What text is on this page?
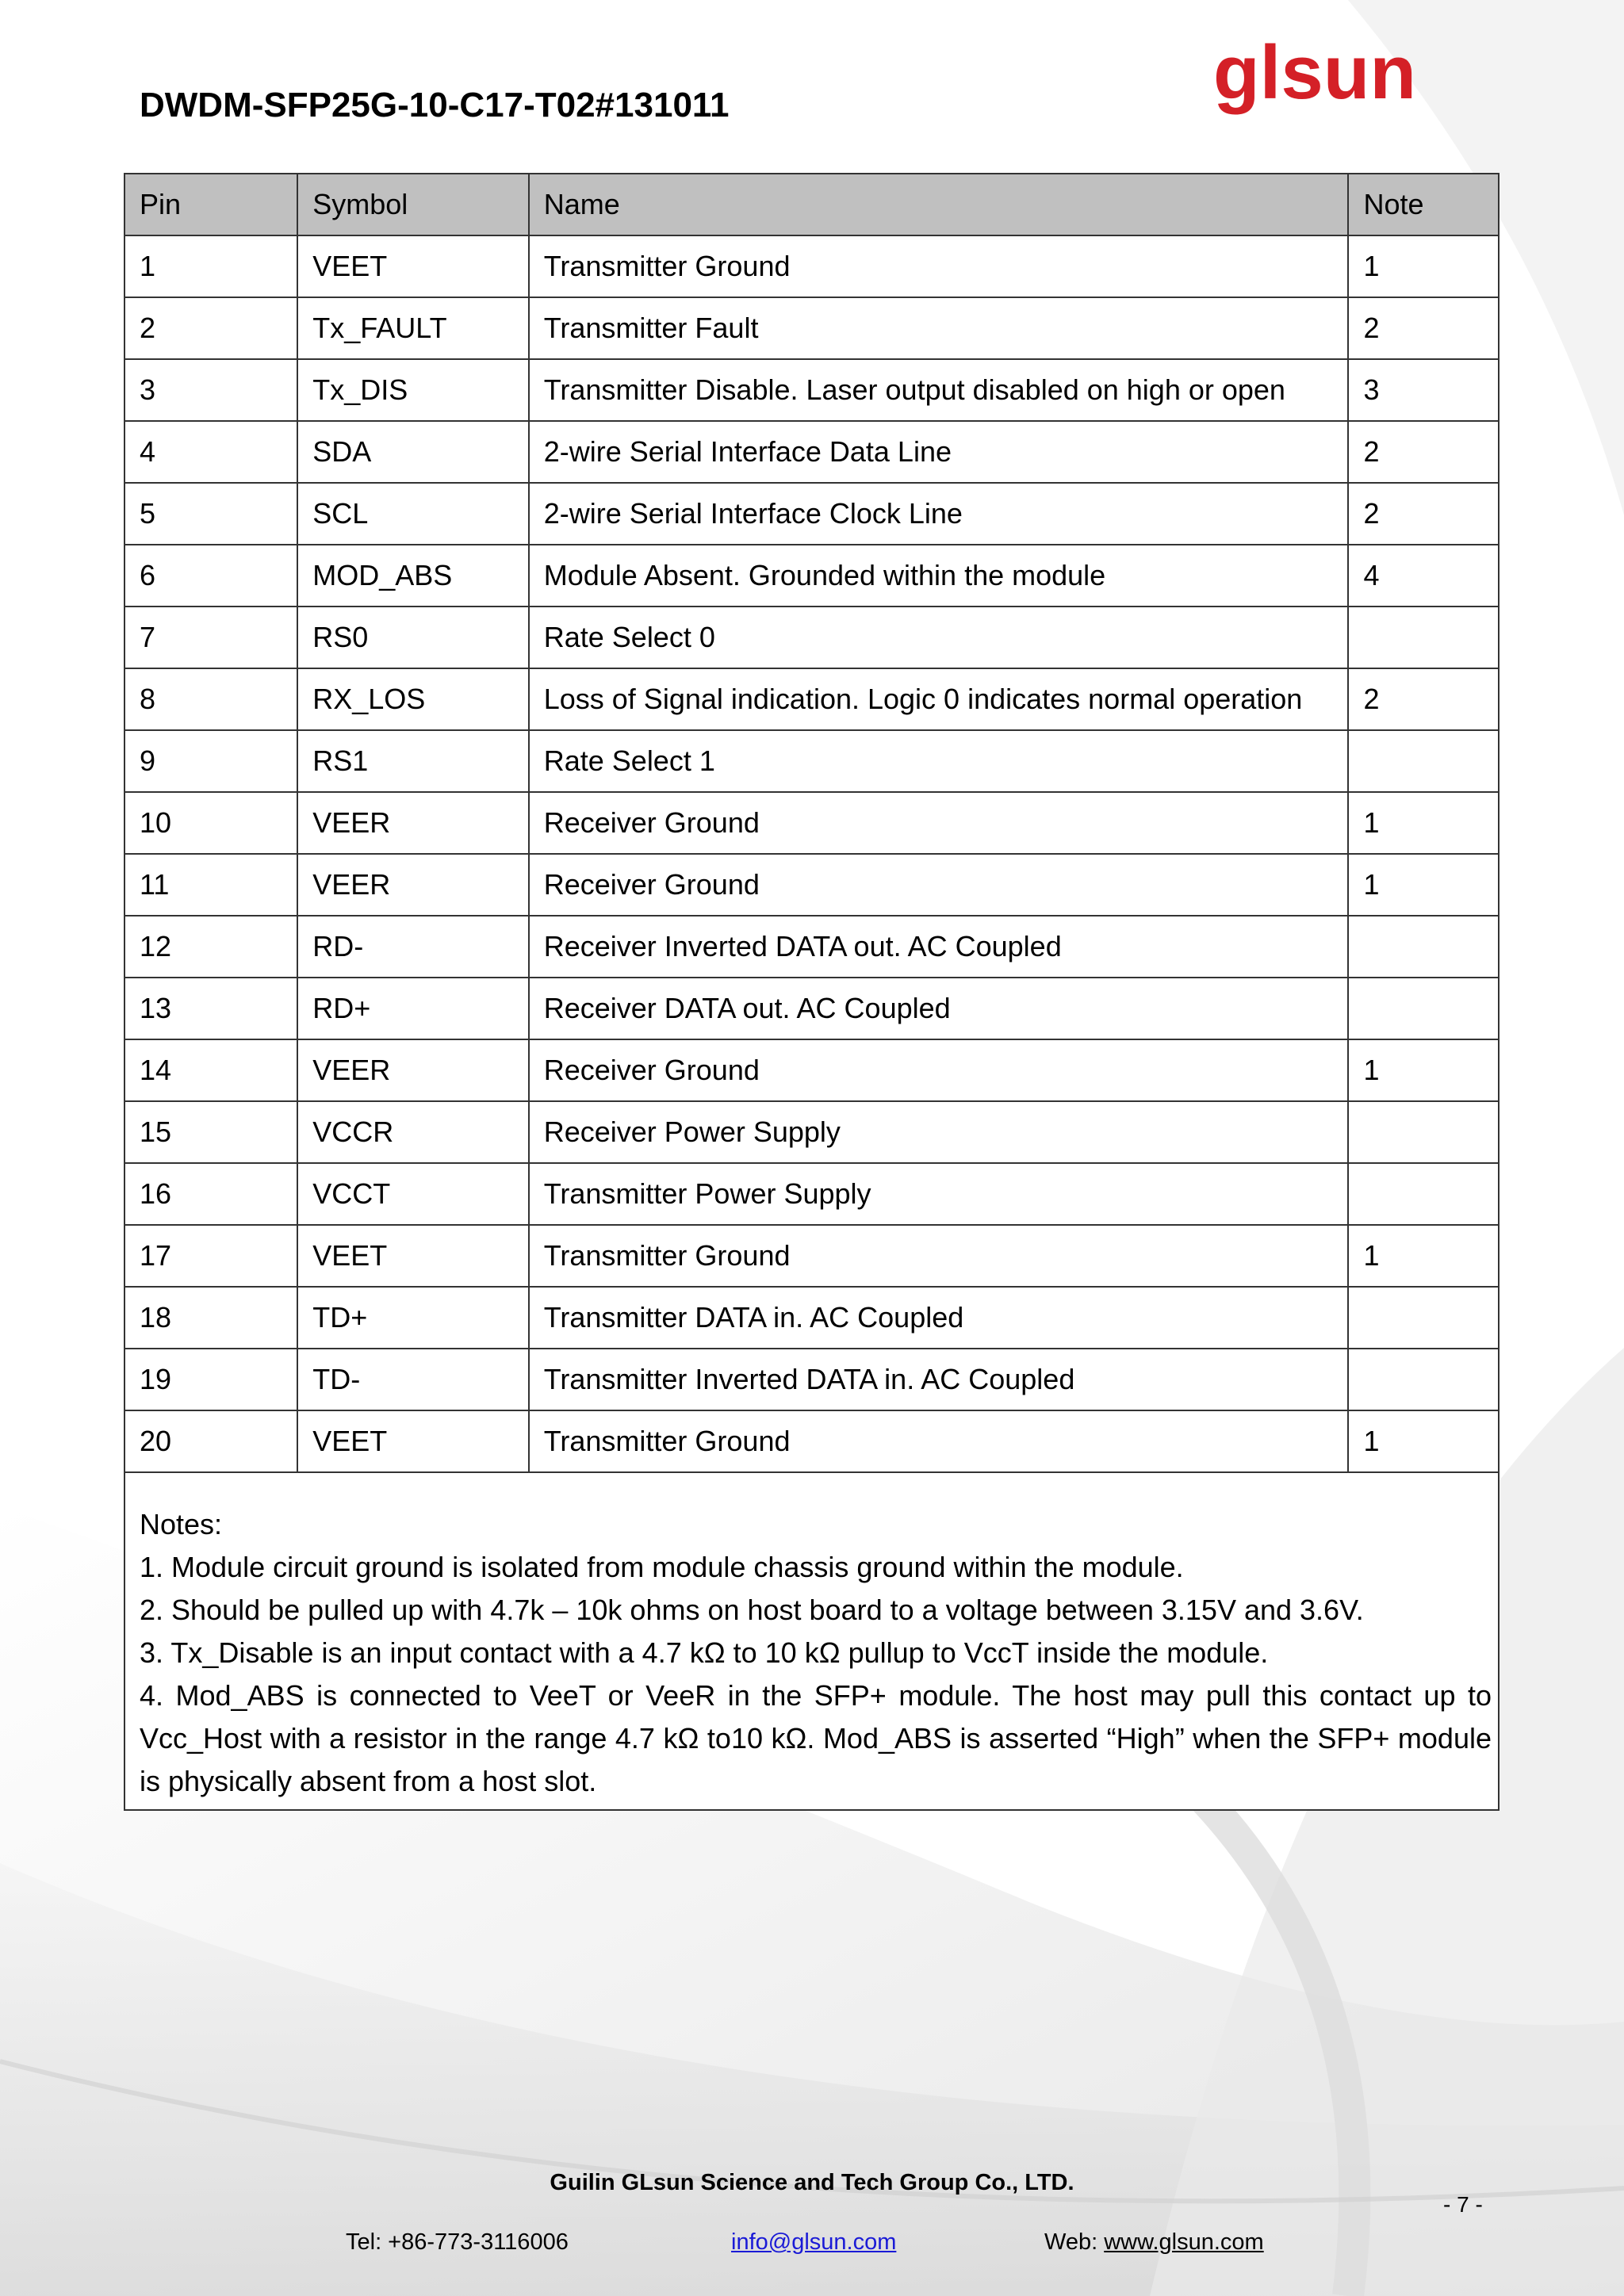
DWDM-SFP25G-10-C17-T02#131011	glsun
Pin	Symbol	Name	Note
1	VEET	Transmitter Ground	1
2	Tx_FAULT	Transmitter Fault	2
3	Tx_DIS	Transmitter Disable. Laser output disabled on high or open	3
4	SDA	2-wire Serial Interface Data Line	2
5	SCL	2-wire Serial Interface Clock Line	2
6	MOD_ABS	Module Absent. Grounded within the module	4
7	RS0	Rate Select 0	
8	RX_LOS	Loss of Signal indication. Logic 0 indicates normal operation	2
9	RS1	Rate Select 1	
10	VEER	Receiver Ground	1
11	VEER	Receiver Ground	1
12	RD-	Receiver Inverted DATA out. AC Coupled	
13	RD+	Receiver DATA out. AC Coupled	
14	VEER	Receiver Ground	1
15	VCCR	Receiver Power Supply	
16	VCCT	Transmitter Power Supply	
17	VEET	Transmitter Ground	1
18	TD+	Transmitter DATA in. AC Coupled	
19	TD-	Transmitter Inverted DATA in. AC Coupled	
20	VEET	Transmitter Ground	1

Notes:
1. Module circuit ground is isolated from module chassis ground within the module.
2. Should be pulled up with 4.7k – 10k ohms on host board to a voltage between 3.15V and 3.6V.
3. Tx_Disable is an input contact with a 4.7 kΩ to 10 kΩ pullup to VccT inside the module.
4. Mod_ABS is connected to VeeT or VeeR in the SFP+ module. The host may pull this contact up to Vcc_Host with a resistor in the range 4.7 kΩ to10 kΩ. Mod_ABS is asserted “High” when the SFP+ module is physically absent from a host slot.			
Guilin GLsun Science and Tech Group Co., LTD.
- 7 -
Tel: +86-773-3116006	info@glsun.com	Web: www.glsun.com
